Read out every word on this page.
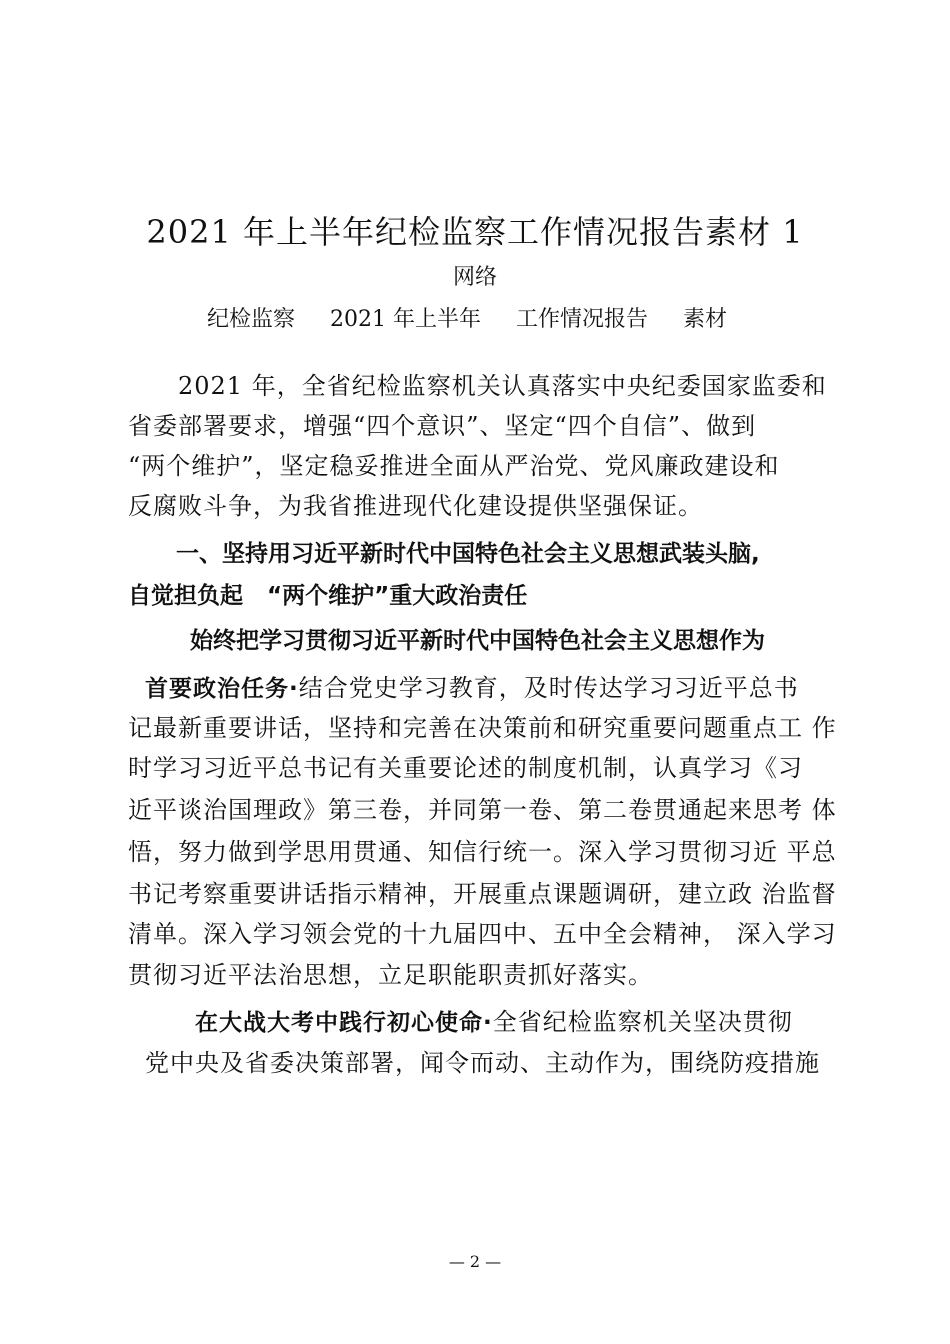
2021 年上半年纪检监察工作情况报告素材 1
网络
纪检监察 2021 年上半年 工作情况报告 素材
2021 年，全省纪检监察机关认真落实中央纪委国家监委和
省委部署要求，增强“四个意识”、坚定“四个自信”、做到
“两个维护”，坚定稳妥推进全面从严治党、党风廉政建设和
反腐败斗争，为我省推进现代化建设提供坚强保证。
一、坚持用习近平新时代中国特色社会主义思想武装头脑,
自觉担负起 “两个维护”重大政治责任
始终把学习贯彻习近平新时代中国特色社会主义思想作为
首要政治任务·结合党史学习教育，及时传达学习习近平总书
记最新重要讲话，坚持和完善在决策前和研究重要问题重点工 作
时学习习近平总书记有关重要论述的制度机制，认真学习《习
近平谈治国理政》第三卷，并同第一卷、第二卷贯通起来思考 体
悟，努力做到学思用贯通、知信行统一。深入学习贯彻习近 平总
书记考察重要讲话指示精神，开展重点课题调研，建立政 治监督
清单。深入学习领会党的十九届四中、五中全会精神， 深入学习
贯彻习近平法治思想，立足职能职责抓好落实。
在大战大考中践行初心使命·全省纪检监察机关坚决贯彻
党中央及省委决策部署，闻令而动、主动作为，围绕防疫措施
— 2 —
